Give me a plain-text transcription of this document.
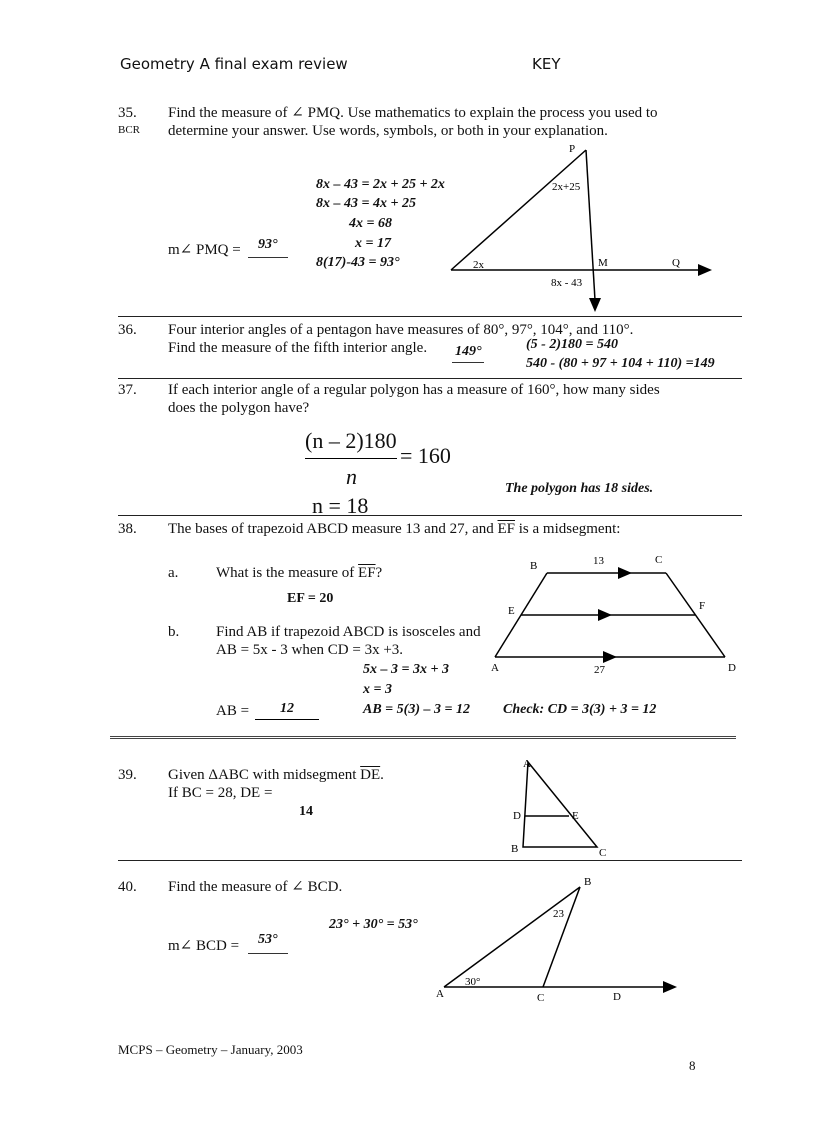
Geometry A final exam review	KEY
35.
BCR
Find the measure of ∠ PMQ. Use mathematics to explain the process you used to
determine your answer. Use words, symbols, or both in your explanation.
8x – 43 = 2x + 25 + 2x
8x – 43 = 4x + 25
4x = 68
x = 17
8(17)-43 = 93°
m∠ PMQ = 93°
P
2x+25
2x	M	Q
8x - 43
36. Four interior angles of a pentagon have measures of 80°, 97°, 104°, and 110°.
Find the measure of the fifth interior angle. 149°	(5 - 2)180 = 540
540 - (80 + 97 + 104 + 110) =149
37. If each interior angle of a regular polygon has a measure of 160°, how many sides
does the polygon have?
(n – 2)180
n
= 160
n = 18
The polygon has 18 sides.
38. The bases of trapezoid ABCD measure 13 and 27, and $\overline{EF}$ is a midsegment:
a.	What is the measure of $\overline{EF}$?
EF = 20
b. Find AB if trapezoid ABCD is isosceles and
AB = 5x - 3 when CD = 3x +3.
5x – 3 = 3x + 3
x = 3
AB = 5(3) – 3 = 12 Check: CD = 3(3) + 3 = 12
AB = 12
B	13	C
E	F
A	27	D
39. Given ΔABC with midsegment $\overline{DE}$.
If BC = 28, DE =
14
A
D	E
B	C
40. Find the measure of ∠ BCD.
23° + 30° = 53°
m∠ BCD = 53°
B
23
30°
A	C	D
MCPS – Geometry – January, 2003
8
